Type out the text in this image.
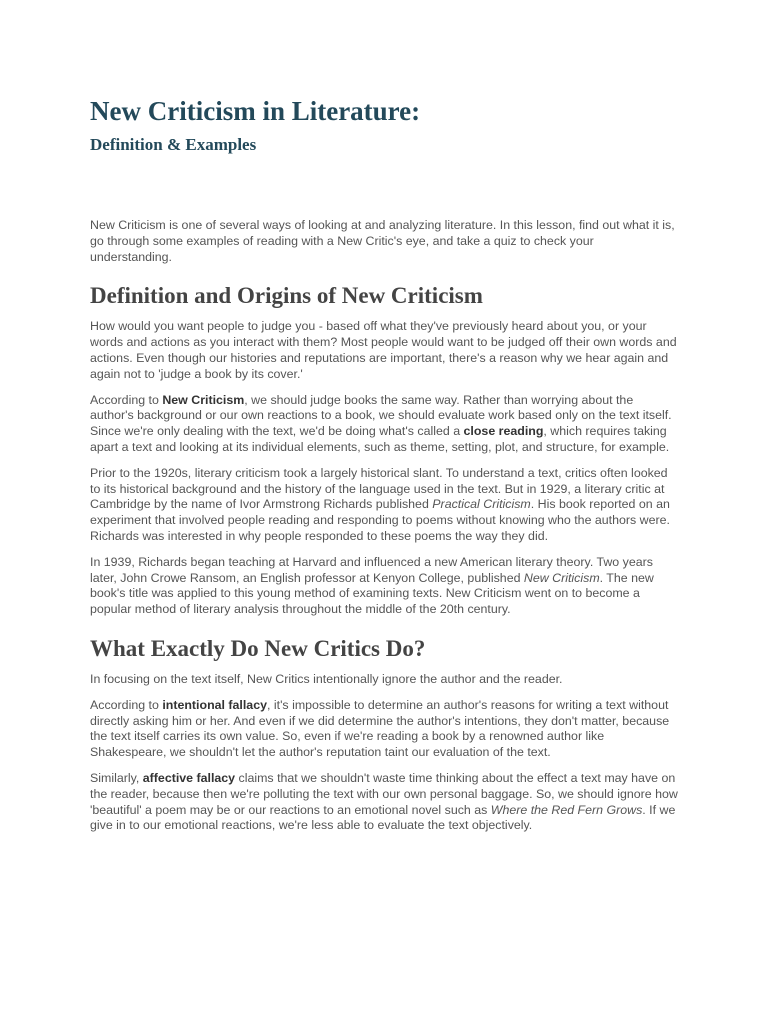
New Criticism in Literature:
Definition & Examples

New Criticism is one of several ways of looking at and analyzing literature. In this lesson, find out what it is, go through some examples of reading with a New Critic's eye, and take a quiz to check your understanding.

Definition and Origins of New Criticism

How would you want people to judge you - based off what they've previously heard about you, or your words and actions as you interact with them? Most people would want to be judged off their own words and actions. Even though our histories and reputations are important, there's a reason why we hear again and again not to 'judge a book by its cover.'

According to New Criticism, we should judge books the same way. Rather than worrying about the author's background or our own reactions to a book, we should evaluate work based only on the text itself. Since we're only dealing with the text, we'd be doing what's called a close reading, which requires taking apart a text and looking at its individual elements, such as theme, setting, plot, and structure, for example.

Prior to the 1920s, literary criticism took a largely historical slant. To understand a text, critics often looked to its historical background and the history of the language used in the text. But in 1929, a literary critic at Cambridge by the name of Ivor Armstrong Richards published Practical Criticism. His book reported on an experiment that involved people reading and responding to poems without knowing who the authors were. Richards was interested in why people responded to these poems the way they did.

In 1939, Richards began teaching at Harvard and influenced a new American literary theory. Two years later, John Crowe Ransom, an English professor at Kenyon College, published New Criticism. The new book's title was applied to this young method of examining texts. New Criticism went on to become a popular method of literary analysis throughout the middle of the 20th century.

What Exactly Do New Critics Do?

In focusing on the text itself, New Critics intentionally ignore the author and the reader.

According to intentional fallacy, it's impossible to determine an author's reasons for writing a text without directly asking him or her. And even if we did determine the author's intentions, they don't matter, because the text itself carries its own value. So, even if we're reading a book by a renowned author like Shakespeare, we shouldn't let the author's reputation taint our evaluation of the text.

Similarly, affective fallacy claims that we shouldn't waste time thinking about the effect a text may have on the reader, because then we're polluting the text with our own personal baggage. So, we should ignore how 'beautiful' a poem may be or our reactions to an emotional novel such as Where the Red Fern Grows. If we give in to our emotional reactions, we're less able to evaluate the text objectively.
